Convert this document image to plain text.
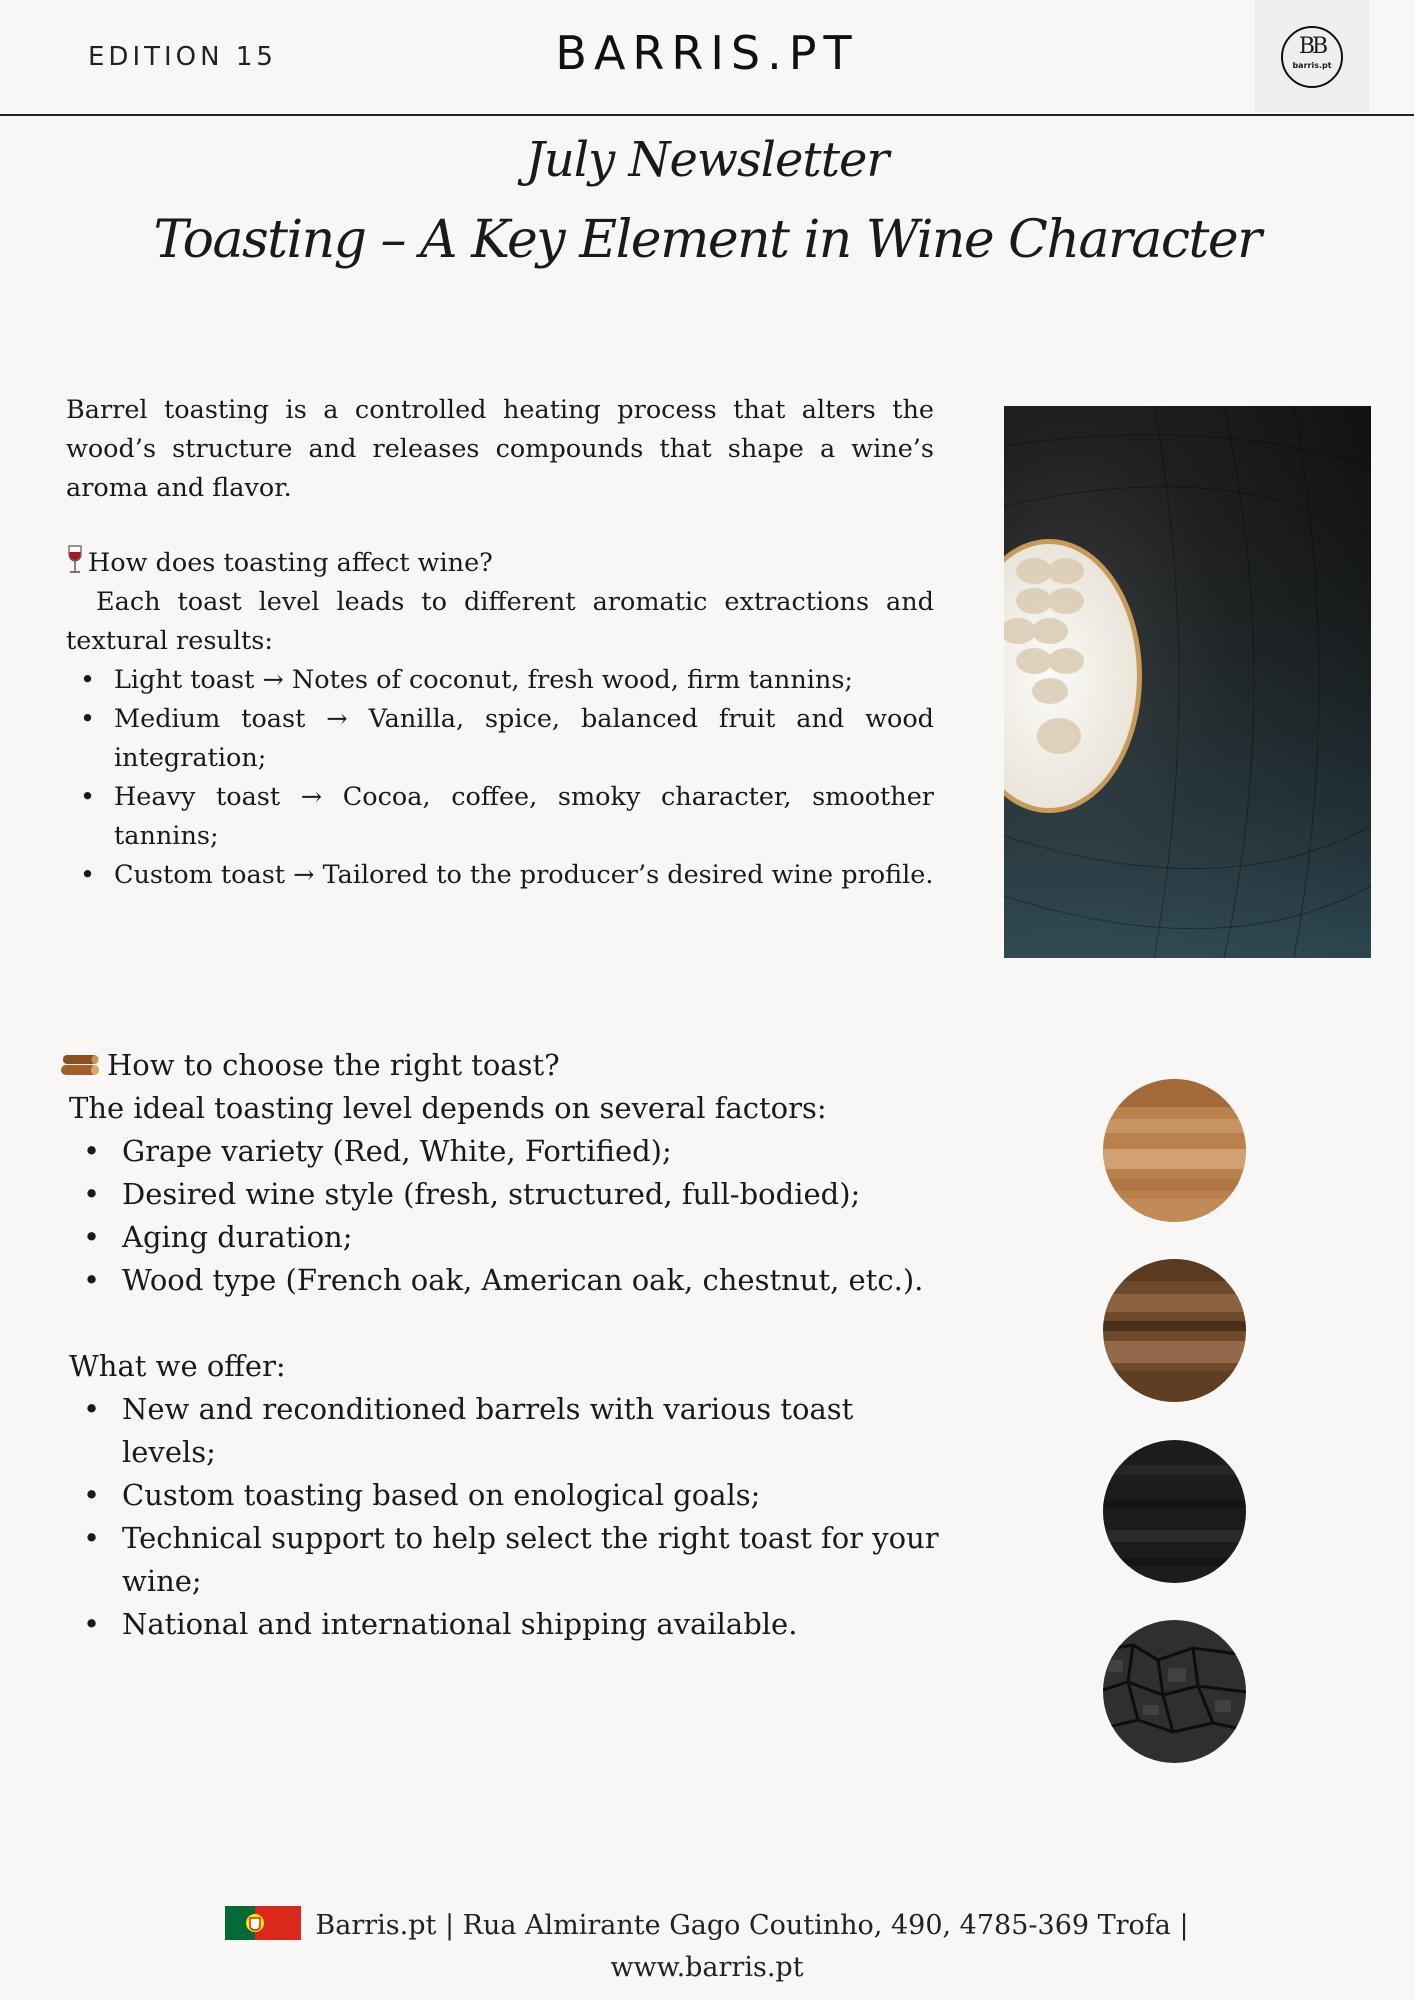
EDITION 15	BARRIS.PT	BB
barris.pt
July Newsletter
Toasting – A Key Element in Wine Character
Barrel toasting is a controlled heating process that alters the wood’s structure and releases compounds that shape a wine’s aroma and flavor.
How does toasting affect wine?
Each toast level leads to different aromatic extractions and textural results:
• Light toast → Notes of coconut, fresh wood, firm tannins;
• Medium toast → Vanilla, spice, balanced fruit and wood integration;
• Heavy toast → Cocoa, coffee, smoky character, smoother tannins;
• Custom toast → Tailored to the producer’s desired wine profile.
How to choose the right toast?
The ideal toasting level depends on several factors:
• Grape variety (Red, White, Fortified);
• Desired wine style (fresh, structured, full-bodied);
• Aging duration;
• Wood type (French oak, American oak, chestnut, etc.).
What we offer:
• New and reconditioned barrels with various toast levels;
• Custom toasting based on enological goals;
• Technical support to help select the right toast for your wine;
• National and international shipping available.
Barris.pt | Rua Almirante Gago Coutinho, 490, 4785-369 Trofa |
www.barris.pt
